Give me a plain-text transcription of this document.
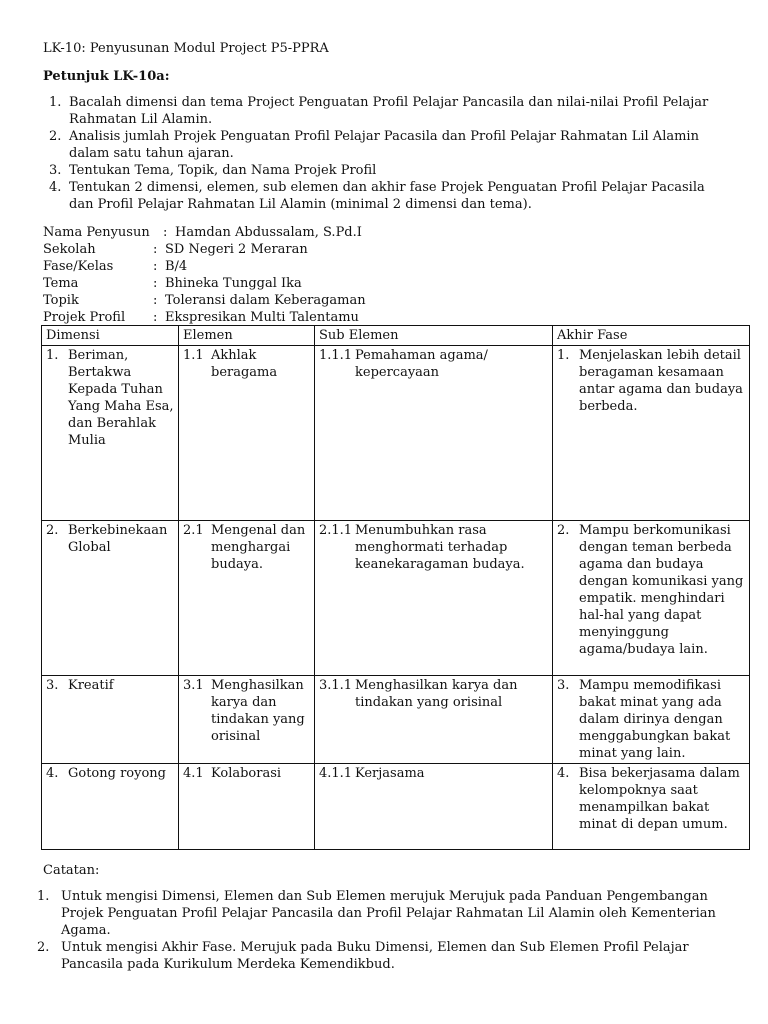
LK-10: Penyusunan Modul Project P5-PPRA
Petunjuk LK-10a:
1. Bacalah dimensi dan tema Project Penguatan Profil Pelajar Pancasila dan nilai-nilai Profil Pelajar Rahmatan Lil Alamin.
2. Analisis jumlah Projek Penguatan Profil Pelajar Pacasila dan Profil Pelajar Rahmatan Lil Alamin dalam satu tahun ajaran.
3. Tentukan Tema, Topik, dan Nama Projek Profil
4. Tentukan 2 dimensi, elemen, sub elemen dan akhir fase Projek Penguatan Profil Pelajar Pacasila dan Profil Pelajar Rahmatan Lil Alamin (minimal 2 dimensi dan tema).
Nama Penyusun	: Hamdan Abdussalam, S.Pd.I
Sekolah	: SD Negeri 2 Meraran
Fase/Kelas	: B/4
Tema	: Bhineka Tunggal Ika
Topik	: Toleransi dalam Keberagaman
Projek Profil	: Ekspresikan Multi Talentamu
Dimensi	Elemen	Sub Elemen	Akhir Fase

1. Beriman, Bertakwa Kepada Tuhan Yang Maha Esa, dan Berahlak Mulia	1.1 Akhlak beragama	1.1.1 Pemahaman agama/ kepercayaan	1. Menjelaskan lebih detail beragaman kesamaan antar agama dan budaya berbeda.

2. Berkebinekaan Global	2.1 Mengenal dan menghargai budaya.	2.1.1 Menumbuhkan rasa menghormati terhadap keanekaragaman budaya.	2. Mampu berkomunikasi dengan teman berbeda agama dan budaya dengan komunikasi yang empatik. menghindari hal-hal yang dapat menyinggung agama/budaya lain.

3. Kreatif	3.1 Menghasilkan karya dan tindakan yang orisinal	3.1.1 Menghasilkan karya dan tindakan yang orisinal	3. Mampu memodifikasi bakat minat yang ada dalam dirinya dengan menggabungkan bakat minat yang lain.

4. Gotong royong	4.1 Kolaborasi	4.1.1 Kerjasama	4. Bisa bekerjasama dalam kelompoknya saat menampilkan bakat minat di depan umum.
Catatan:
1. Untuk mengisi Dimensi, Elemen dan Sub Elemen merujuk Merujuk pada Panduan Pengembangan Projek Penguatan Profil Pelajar Pancasila dan Profil Pelajar Rahmatan Lil Alamin oleh Kementerian Agama.
2. Untuk mengisi Akhir Fase. Merujuk pada Buku Dimensi, Elemen dan Sub Elemen Profil Pelajar Pancasila pada Kurikulum Merdeka Kemendikbud.
